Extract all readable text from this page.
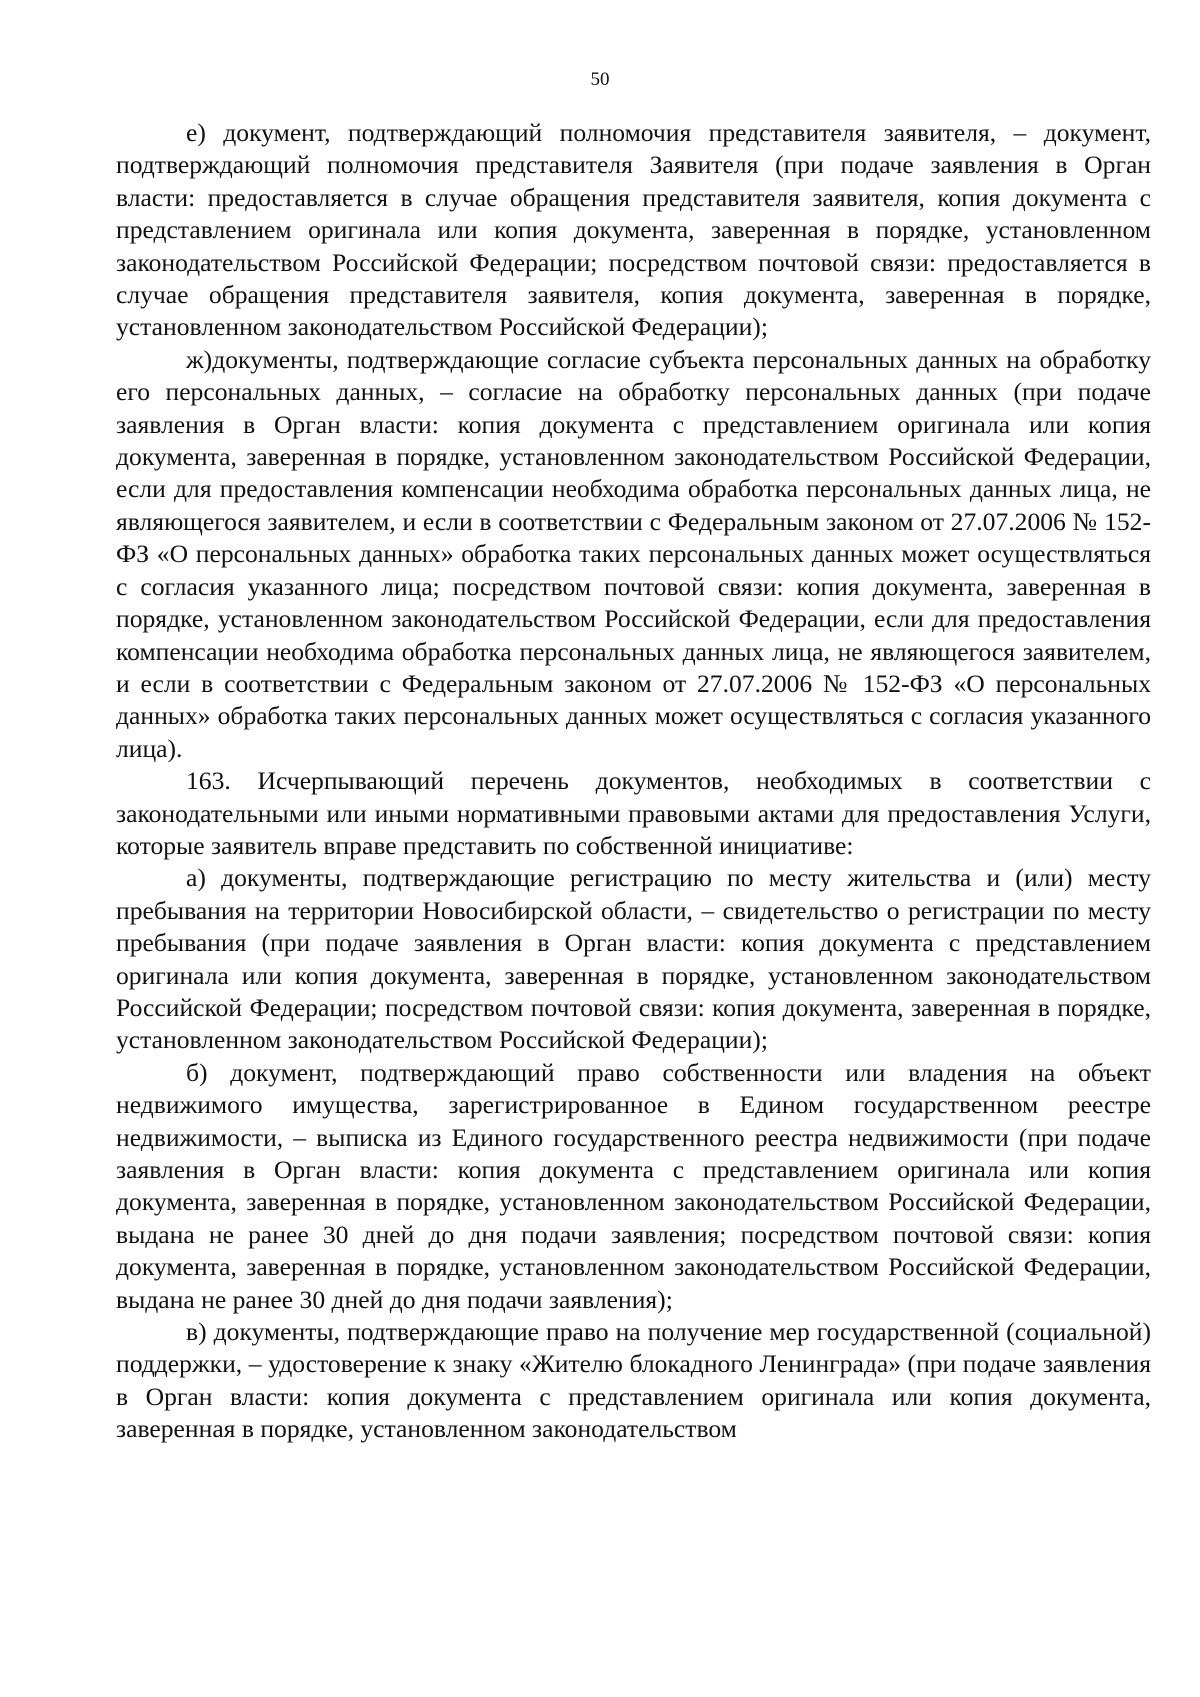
50

е) документ, подтверждающий полномочия представителя заявителя, – документ, подтверждающий полномочия представителя Заявителя (при подаче заявления в Орган власти: предоставляется в случае обращения представителя заявителя, копия документа с представлением оригинала или копия документа, заверенная в порядке, установленном законодательством Российской Федерации; посредством почтовой связи: предоставляется в случае обращения представителя заявителя, копия документа, заверенная в порядке, установленном законодательством Российской Федерации);

ж)документы, подтверждающие согласие субъекта персональных данных на обработку его персональных данных, – согласие на обработку персональных данных (при подаче заявления в Орган власти: копия документа с представлением оригинала или копия документа, заверенная в порядке, установленном законодательством Российской Федерации, если для предоставления компенсации необходима обработка персональных данных лица, не являющегося заявителем, и если в соответствии с Федеральным законом от 27.07.2006 № 152-ФЗ «О персональных данных» обработка таких персональных данных может осуществляться с согласия указанного лица; посредством почтовой связи: копия документа, заверенная в порядке, установленном законодательством Российской Федерации, если для предоставления компенсации необходима обработка персональных данных лица, не являющегося заявителем, и если в соответствии с Федеральным законом от 27.07.2006 № 152-ФЗ «О персональных данных» обработка таких персональных данных может осуществляться с согласия указанного лица).

163. Исчерпывающий перечень документов, необходимых в соответствии с законодательными или иными нормативными правовыми актами для предоставления Услуги, которые заявитель вправе представить по собственной инициативе:

а) документы, подтверждающие регистрацию по месту жительства и (или) месту пребывания на территории Новосибирской области, – свидетельство о регистрации по месту пребывания (при подаче заявления в Орган власти: копия документа с представлением оригинала или копия документа, заверенная в порядке, установленном законодательством Российской Федерации; посредством почтовой связи: копия документа, заверенная в порядке, установленном законодательством Российской Федерации);

б) документ, подтверждающий право собственности или владения на объект недвижимого имущества, зарегистрированное в Едином государственном реестре недвижимости, – выписка из Единого государственного реестра недвижимости (при подаче заявления в Орган власти: копия документа с представлением оригинала или копия документа, заверенная в порядке, установленном законодательством Российской Федерации, выдана не ранее 30 дней до дня подачи заявления; посредством почтовой связи: копия документа, заверенная в порядке, установленном законодательством Российской Федерации, выдана не ранее 30 дней до дня подачи заявления);

в) документы, подтверждающие право на получение мер государственной (социальной) поддержки, – удостоверение к знаку «Жителю блокадного Ленинграда» (при подаче заявления в Орган власти: копия документа с представлением оригинала или копия документа, заверенная в порядке, установленном законодательством
